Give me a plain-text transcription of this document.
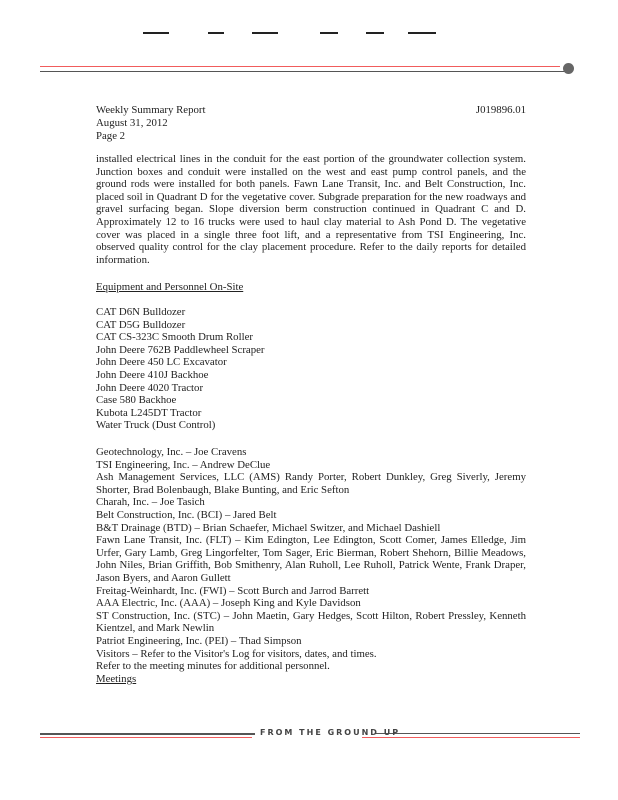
Weekly Summary Report
August 31, 2012
Page 2
J019896.01
installed electrical lines in the conduit for the east portion of the groundwater collection system. Junction boxes and conduit were installed on the west and east pump control panels, and the ground rods were installed for both panels. Fawn Lane Transit, Inc. and Belt Construction, Inc. placed soil in Quadrant D for the vegetative cover. Subgrade preparation for the new roadways and gravel surfacing began. Slope diversion berm construction continued in Quadrant C and D. Approximately 12 to 16 trucks were used to haul clay material to Ash Pond D. The vegetative cover was placed in a single three foot lift, and a representative from TSI Engineering, Inc. observed quality control for the clay placement procedure. Refer to the daily reports for detailed information.
Equipment and Personnel On-Site
CAT D6N Bulldozer
CAT D5G Bulldozer
CAT CS-323C Smooth Drum Roller
John Deere 762B Paddlewheel Scraper
John Deere 450 LC Excavator
John Deere 410J Backhoe
John Deere 4020 Tractor
Case 580 Backhoe
Kubota L245DT Tractor
Water Truck (Dust Control)
Geotechnology, Inc. – Joe Cravens
TSI Engineering, Inc. – Andrew DeClue
Ash Management Services, LLC (AMS) Randy Porter, Robert Dunkley, Greg Siverly, Jeremy Shorter, Brad Bolenbaugh, Blake Bunting, and Eric Sefton
Charah, Inc. – Joe Tasich
Belt Construction, Inc. (BCI) – Jared Belt
B&T Drainage (BTD) – Brian Schaefer, Michael Switzer, and Michael Dashiell
Fawn Lane Transit, Inc. (FLT) – Kim Edington, Lee Edington, Scott Comer, James Elledge, Jim Urfer, Gary Lamb, Greg Lingorfelter, Tom Sager, Eric Bierman, Robert Shehorn, Billie Meadows, John Niles, Brian Griffith, Bob Smithenry, Alan Ruholl, Lee Ruholl, Patrick Wente, Frank Draper, Jason Byers, and Aaron Gullett
Freitag-Weinhardt, Inc. (FWI) – Scott Burch and Jarrod Barrett
AAA Electric, Inc. (AAA) – Joseph King and Kyle Davidson
ST Construction, Inc. (STC) – John Maetin, Gary Hedges, Scott Hilton, Robert Pressley, Kenneth Kientzel, and Mark Newlin
Patriot Engineering, Inc. (PEI) – Thad Simpson
Visitors – Refer to the Visitor's Log for visitors, dates, and times.
Refer to the meeting minutes for additional personnel.
Meetings
FROM THE GROUND UP
